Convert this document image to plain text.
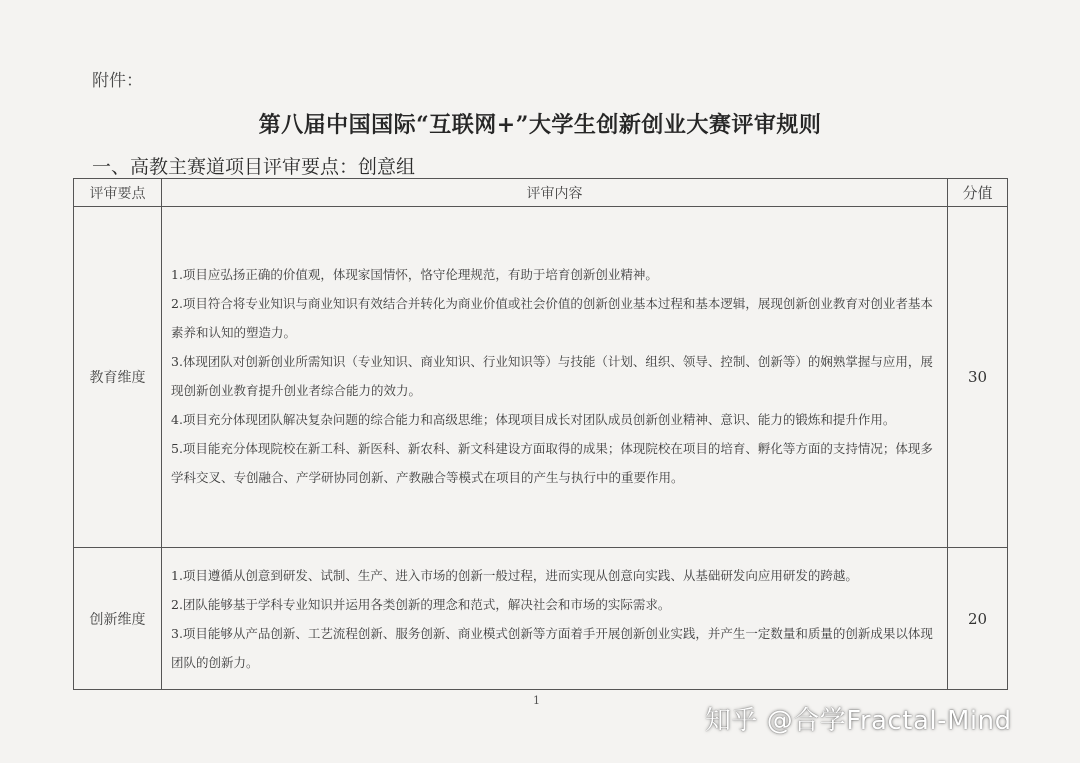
附件：
第八届中国国际“互联网+”大学生创新创业大赛评审规则
一、高教主赛道项目评审要点：创意组
评审要点	评审内容	分值
教育维度	1.项目应弘扬正确的价值观，体现家国情怀，恪守伦理规范，有助于培育创新创业精神。

2.项目符合将专业知识与商业知识有效结合并转化为商业价值或社会价值的创新创业基本过程和基本逻辑，展现创新创业教育对创业者基本素养和认知的塑造力。

3.体现团队对创新创业所需知识（专业知识、商业知识、行业知识等）与技能（计划、组织、领导、控制、创新等）的娴熟掌握与应用，展现创新创业教育提升创业者综合能力的效力。

4.项目充分体现团队解决复杂问题的综合能力和高级思维；体现项目成长对团队成员创新创业精神、意识、能力的锻炼和提升作用。

5.项目能充分体现院校在新工科、新医科、新农科、新文科建设方面取得的成果；体现院校在项目的培育、孵化等方面的支持情况；体现多学科交叉、专创融合、产学研协同创新、产教融合等模式在项目的产生与执行中的重要作用。	30
创新维度	1.项目遵循从创意到研发、试制、生产、进入市场的创新一般过程，进而实现从创意向实践、从基础研发向应用研发的跨越。

2.团队能够基于学科专业知识并运用各类创新的理念和范式，解决社会和市场的实际需求。

3.项目能够从产品创新、工艺流程创新、服务创新、商业模式创新等方面着手开展创新创业实践，并产生一定数量和质量的创新成果以体现团队的创新力。	20
1
知乎 @合学Fractal-Mind
